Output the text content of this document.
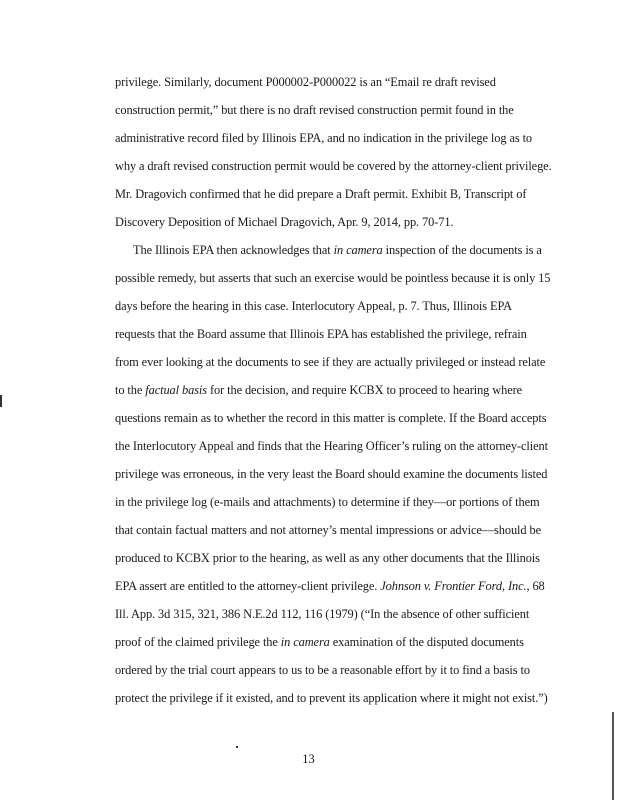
privilege. Similarly, document P000002-P000022 is an “Email re draft revised
construction permit,” but there is no draft revised construction permit found in the
administrative record filed by Illinois EPA, and no indication in the privilege log as to
why a draft revised construction permit would be covered by the attorney-client privilege.
Mr. Dragovich confirmed that he did prepare a Draft permit. Exhibit B, Transcript of
Discovery Deposition of Michael Dragovich, Apr. 9, 2014, pp. 70-71.
The Illinois EPA then acknowledges that in camera inspection of the documents is a
possible remedy, but asserts that such an exercise would be pointless because it is only 15
days before the hearing in this case. Interlocutory Appeal, p. 7. Thus, Illinois EPA
requests that the Board assume that Illinois EPA has established the privilege, refrain
from ever looking at the documents to see if they are actually privileged or instead relate
to the factual basis for the decision, and require KCBX to proceed to hearing where
questions remain as to whether the record in this matter is complete. If the Board accepts
the Interlocutory Appeal and finds that the Hearing Officer’s ruling on the attorney-client
privilege was erroneous, in the very least the Board should examine the documents listed
in the privilege log (e-mails and attachments) to determine if they—or portions of them
that contain factual matters and not attorney’s mental impressions or advice—should be
produced to KCBX prior to the hearing, as well as any other documents that the Illinois
EPA assert are entitled to the attorney-client privilege. Johnson v. Frontier Ford, Inc., 68
Ill. App. 3d 315, 321, 386 N.E.2d 112, 116 (1979) (“In the absence of other sufficient
proof of the claimed privilege the in camera examination of the disputed documents
ordered by the trial court appears to us to be a reasonable effort by it to find a basis to
protect the privilege if it existed, and to prevent its application where it might not exist.”)
13
